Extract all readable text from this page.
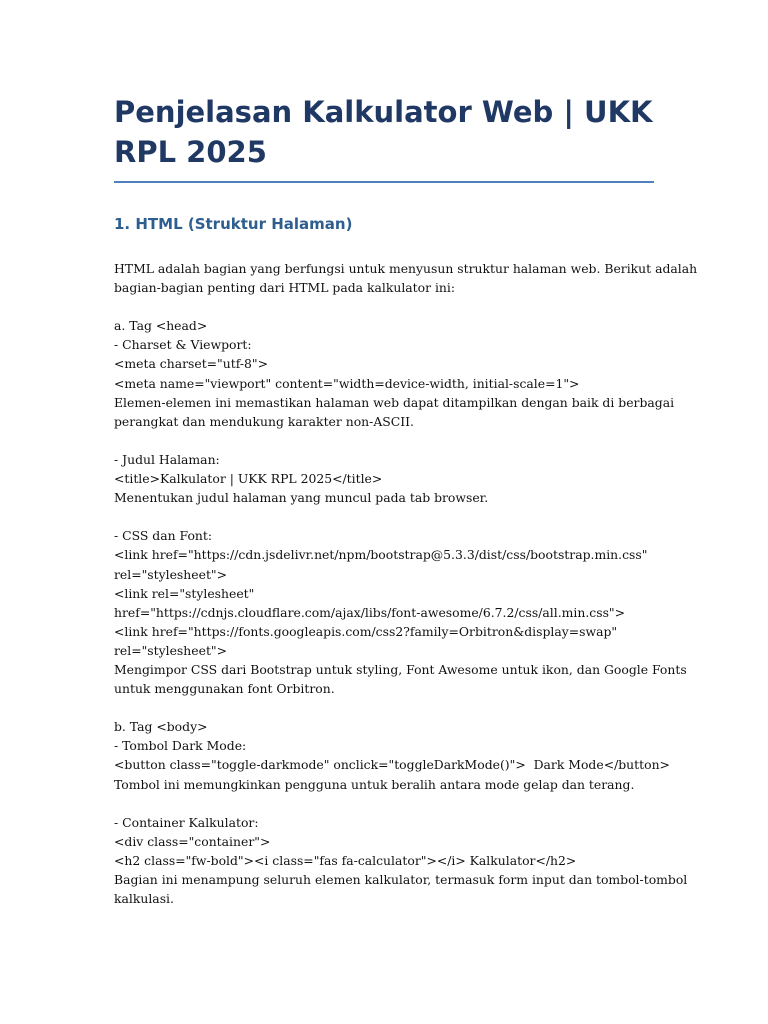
Penjelasan Kalkulator Web | UKK RPL 2025
1. HTML (Struktur Halaman)
HTML adalah bagian yang berfungsi untuk menyusun struktur halaman web. Berikut adalah
bagian-bagian penting dari HTML pada kalkulator ini:
a. Tag <head>
- Charset & Viewport:
<meta charset="utf-8">
<meta name="viewport" content="width=device-width, initial-scale=1">
Elemen-elemen ini memastikan halaman web dapat ditampilkan dengan baik di berbagai
perangkat dan mendukung karakter non-ASCII.
- Judul Halaman:
<title>Kalkulator | UKK RPL 2025</title>
Menentukan judul halaman yang muncul pada tab browser.
- CSS dan Font:
<link href="https://cdn.jsdelivr.net/npm/bootstrap@5.3.3/dist/css/bootstrap.min.css"
rel="stylesheet">
<link rel="stylesheet"
href="https://cdnjs.cloudflare.com/ajax/libs/font-awesome/6.7.2/css/all.min.css">
<link href="https://fonts.googleapis.com/css2?family=Orbitron&display=swap"
rel="stylesheet">
Mengimpor CSS dari Bootstrap untuk styling, Font Awesome untuk ikon, dan Google Fonts
untuk menggunakan font Orbitron.
b. Tag <body>
- Tombol Dark Mode:
<button class="toggle-darkmode" onclick="toggleDarkMode()">  Dark Mode</button>
Tombol ini memungkinkan pengguna untuk beralih antara mode gelap dan terang.
- Container Kalkulator:
<div class="container">
<h2 class="fw-bold"><i class="fas fa-calculator"></i> Kalkulator</h2>
Bagian ini menampung seluruh elemen kalkulator, termasuk form input dan tombol-tombol
kalkulasi.
